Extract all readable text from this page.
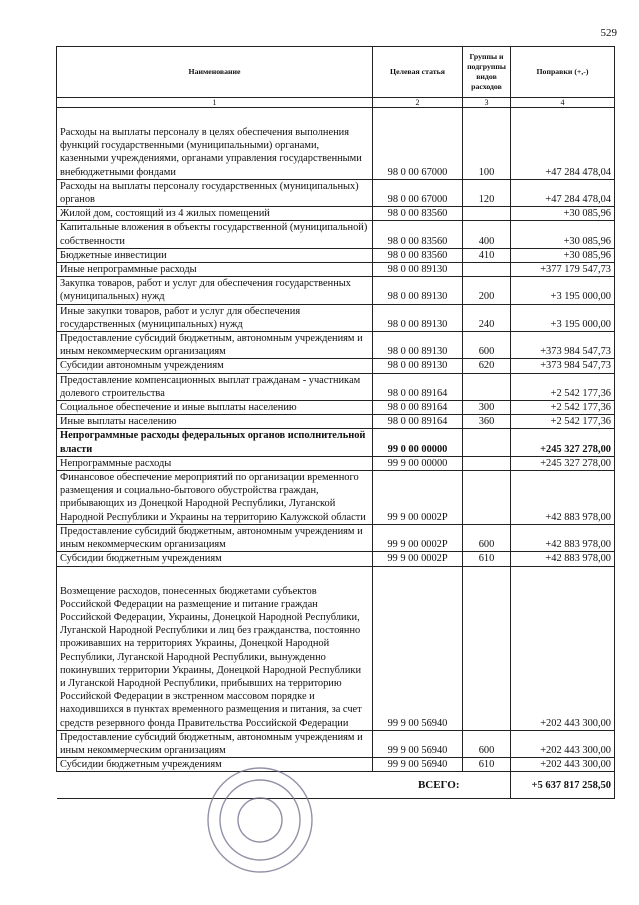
529
Наименование	Целевая статья	Группы и подгруппы видов расходов	Поправки (+,-)
1	2	3	4
Расходы на выплаты персоналу в целях обеспечения выполнения функций государственными (муниципальными) органами, казенными учреждениями, органами управления государственными внебюджетными фондами	98 0 00 67000	100	+47 284 478,04
Расходы на выплаты персоналу государственных (муниципальных) органов	98 0 00 67000	120	+47 284 478,04
Жилой дом, состоящий из 4 жилых помещений	98 0 00 83560		+30 085,96
Капитальные вложения в объекты государственной (муниципальной) собственности	98 0 00 83560	400	+30 085,96
Бюджетные инвестиции	98 0 00 83560	410	+30 085,96
Иные непрограммные расходы	98 0 00 89130		+377 179 547,73
Закупка товаров, работ и услуг для обеспечения государственных (муниципальных) нужд	98 0 00 89130	200	+3 195 000,00
Иные закупки товаров, работ и услуг для обеспечения государственных (муниципальных) нужд	98 0 00 89130	240	+3 195 000,00
Предоставление субсидий бюджетным, автономным учреждениям и иным некоммерческим организациям	98 0 00 89130	600	+373 984 547,73
Субсидии автономным учреждениям	98 0 00 89130	620	+373 984 547,73
Предоставление компенсационных выплат гражданам - участникам долевого строительства	98 0 00 89164		+2 542 177,36
Социальное обеспечение и иные выплаты населению	98 0 00 89164	300	+2 542 177,36
Иные выплаты населению	98 0 00 89164	360	+2 542 177,36
Непрограммные расходы федеральных органов исполнительной власти	99 0 00 00000		+245 327 278,00
Непрограммные расходы	99 9 00 00000		+245 327 278,00
Финансовое обеспечение мероприятий по организации временного размещения и социально-бытового обустройства граждан, прибывающих из Донецкой Народной Республики, Луганской Народной Республики и Украины на территорию Калужской области	99 9 00 0002Р		+42 883 978,00
Предоставление субсидий бюджетным, автономным учреждениям и иным некоммерческим организациям	99 9 00 0002Р	600	+42 883 978,00
Субсидии бюджетным учреждениям	99 9 00 0002Р	610	+42 883 978,00
Возмещение расходов, понесенных бюджетами субъектов Российской Федерации на размещение и питание граждан Российской Федерации, Украины, Донецкой Народной Республики, Луганской Народной Республики и лиц без гражданства, постоянно проживавших на территориях Украины, Донецкой Народной Республики, Луганской Народной Республики, вынужденно покинувших территории Украины, Донецкой Народной Республики и Луганской Народной Республики, прибывших на территорию Российской Федерации в экстренном массовом порядке и находившихся в пунктах временного размещения и питания, за счет средств резервного фонда Правительства Российской Федерации	99 9 00 56940		+202 443 300,00
Предоставление субсидий бюджетным, автономным учреждениям и иным некоммерческим организациям	99 9 00 56940	600	+202 443 300,00
Субсидии бюджетным учреждениям	99 9 00 56940	610	+202 443 300,00
	ВСЕГО:		+5 637 817 258,50
